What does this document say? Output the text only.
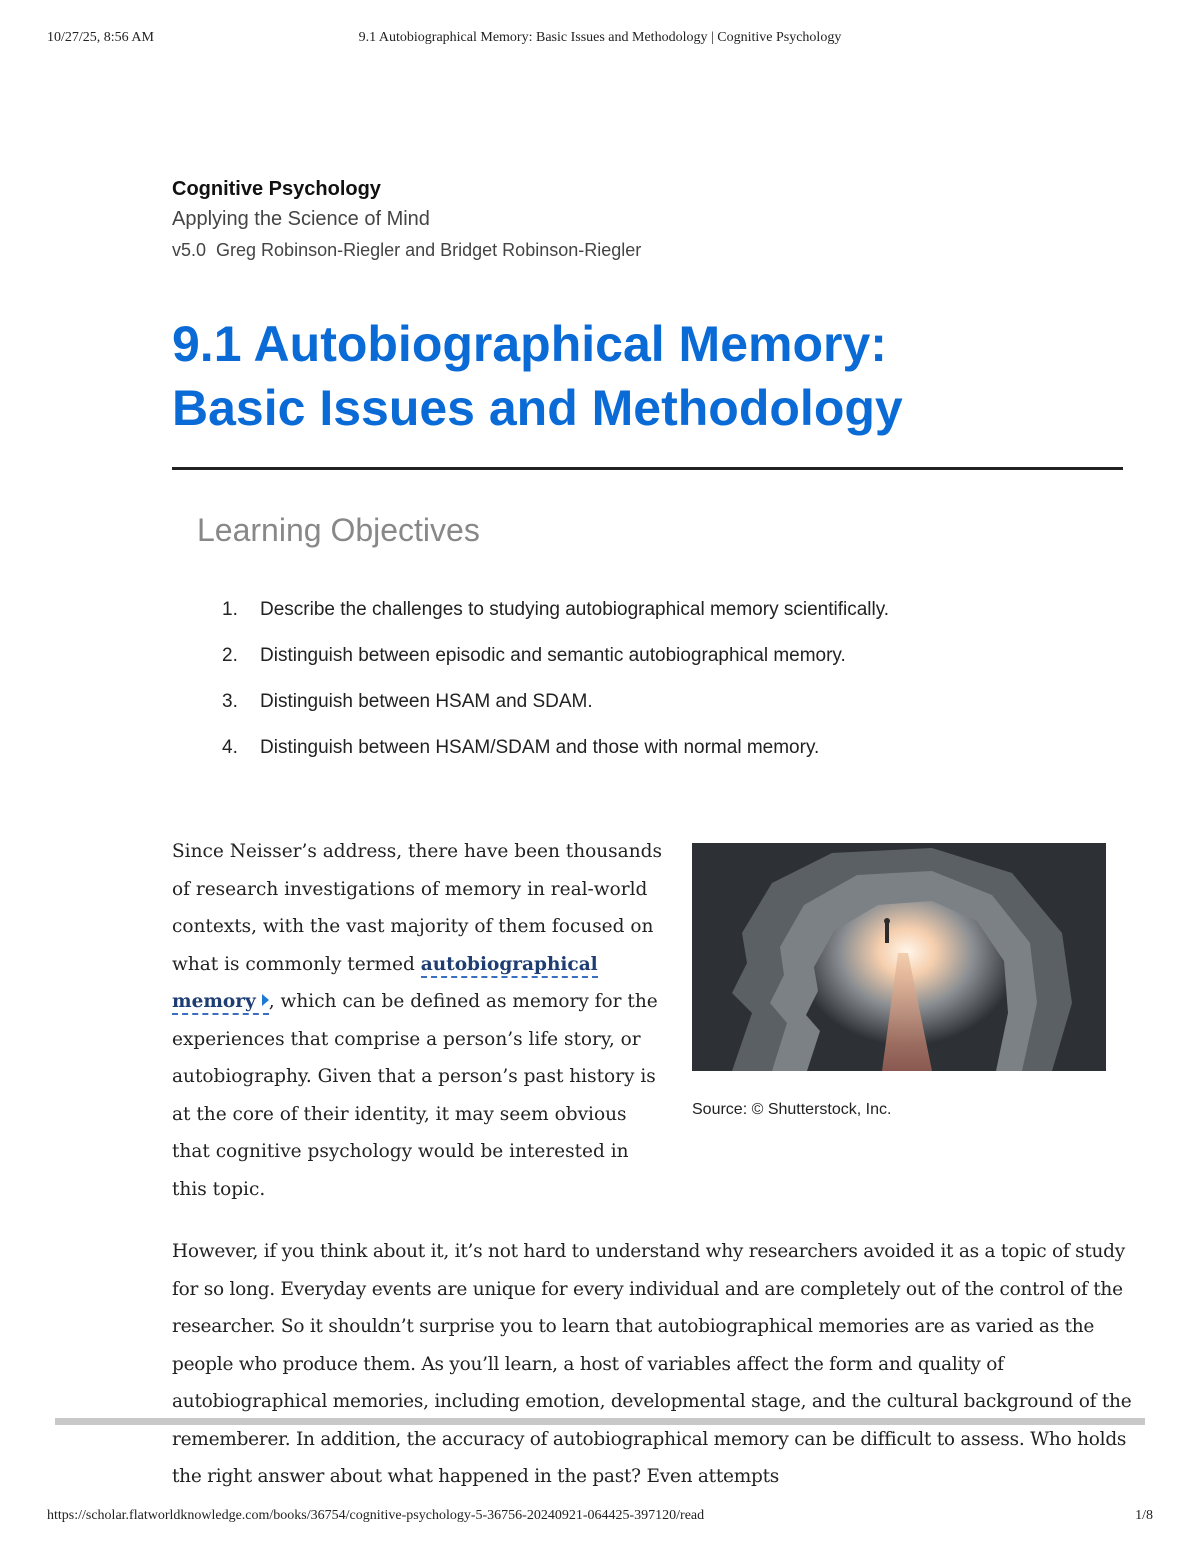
10/27/25, 8:56 AM	9.1 Autobiographical Memory: Basic Issues and Methodology | Cognitive Psychology

Cognitive Psychology

Applying the Science of Mind

v5.0 Greg Robinson-Riegler and Bridget Robinson-Riegler

9.1 Autobiographical Memory:
Basic Issues and Methodology
Learning Objectives
1.	Describe the challenges to studying autobiographical memory scientifically.
2.	Distinguish between episodic and semantic autobiographical memory.
3.	Distinguish between HSAM and SDAM.
4.	Distinguish between HSAM/SDAM and those with normal memory.

Since Neisser’s address, there have been thousands of research investigations of memory in real-world contexts, with the vast majority of them focused on what is commonly termed autobiographical memory , which can be defined as memory for the experiences that comprise a person’s life story, or autobiography. Given that a person’s past history is at the core of their identity, it may seem obvious that cognitive psychology would be interested in this topic.

Source: © Shutterstock, Inc.

However, if you think about it, it’s not hard to understand why researchers avoided it as a topic of study for so long. Everyday events are unique for every individual and are completely out of the control of the researcher. So it shouldn’t surprise you to learn that autobiographical memories are as varied as the people who produce them. As you’ll learn, a host of variables affect the form and quality of autobiographical memories, including emotion, developmental stage, and the cultural background of the rememberer. In addition, the accuracy of autobiographical memory can be difficult to assess. Who holds the right answer about what happened in the past? Even attempts

https://scholar.flatworldknowledge.com/books/36754/cognitive-psychology-5-36756-20240921-064425-397120/read	1/8
